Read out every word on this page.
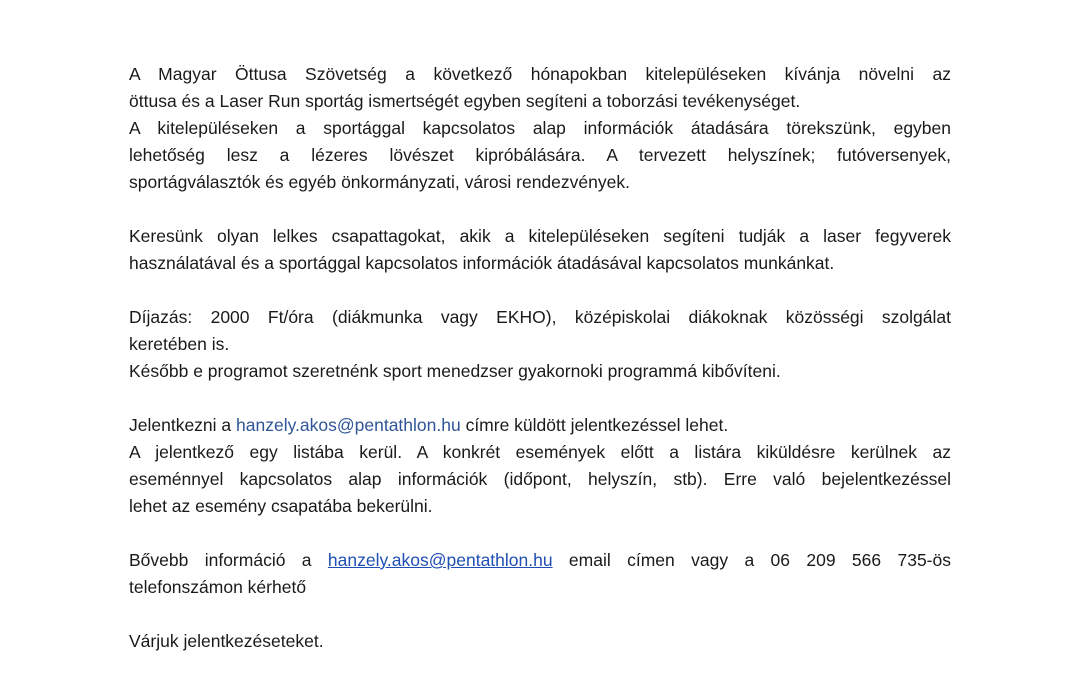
A Magyar Öttusa Szövetség a következő hónapokban kitelepüléseken kívánja növelni az
öttusa és a Laser Run sportág ismertségét egyben segíteni a toborzási tevékenységet.
A kitelepüléseken a sportággal kapcsolatos alap információk átadására törekszünk, egyben
lehetőség lesz a lézeres lövészet kipróbálására. A tervezett helyszínek; futóversenyek,
sportágválasztók és egyéb önkormányzati, városi rendezvények.
Keresünk olyan lelkes csapattagokat, akik a kitelepüléseken segíteni tudják a laser fegyverek
használatával és a sportággal kapcsolatos információk átadásával kapcsolatos munkánkat.
Díjazás: 2000 Ft/óra (diákmunka vagy EKHO), középiskolai diákoknak közösségi szolgálat
keretében is.
Később e programot szeretnénk sport menedzser gyakornoki programmá kibővíteni.
Jelentkezni a hanzely.akos@pentathlon.hu címre küldött jelentkezéssel lehet.
A jelentkező egy listába kerül. A konkrét események előtt a listára kiküldésre kerülnek az
eseménnyel kapcsolatos alap információk (időpont, helyszín, stb). Erre való bejelentkezéssel
lehet az esemény csapatába bekerülni.
Bővebb információ a hanzely.akos@pentathlon.hu email címen vagy a 06 209 566 735-ös
telefonszámon kérhető
Várjuk jelentkezéseteket.
